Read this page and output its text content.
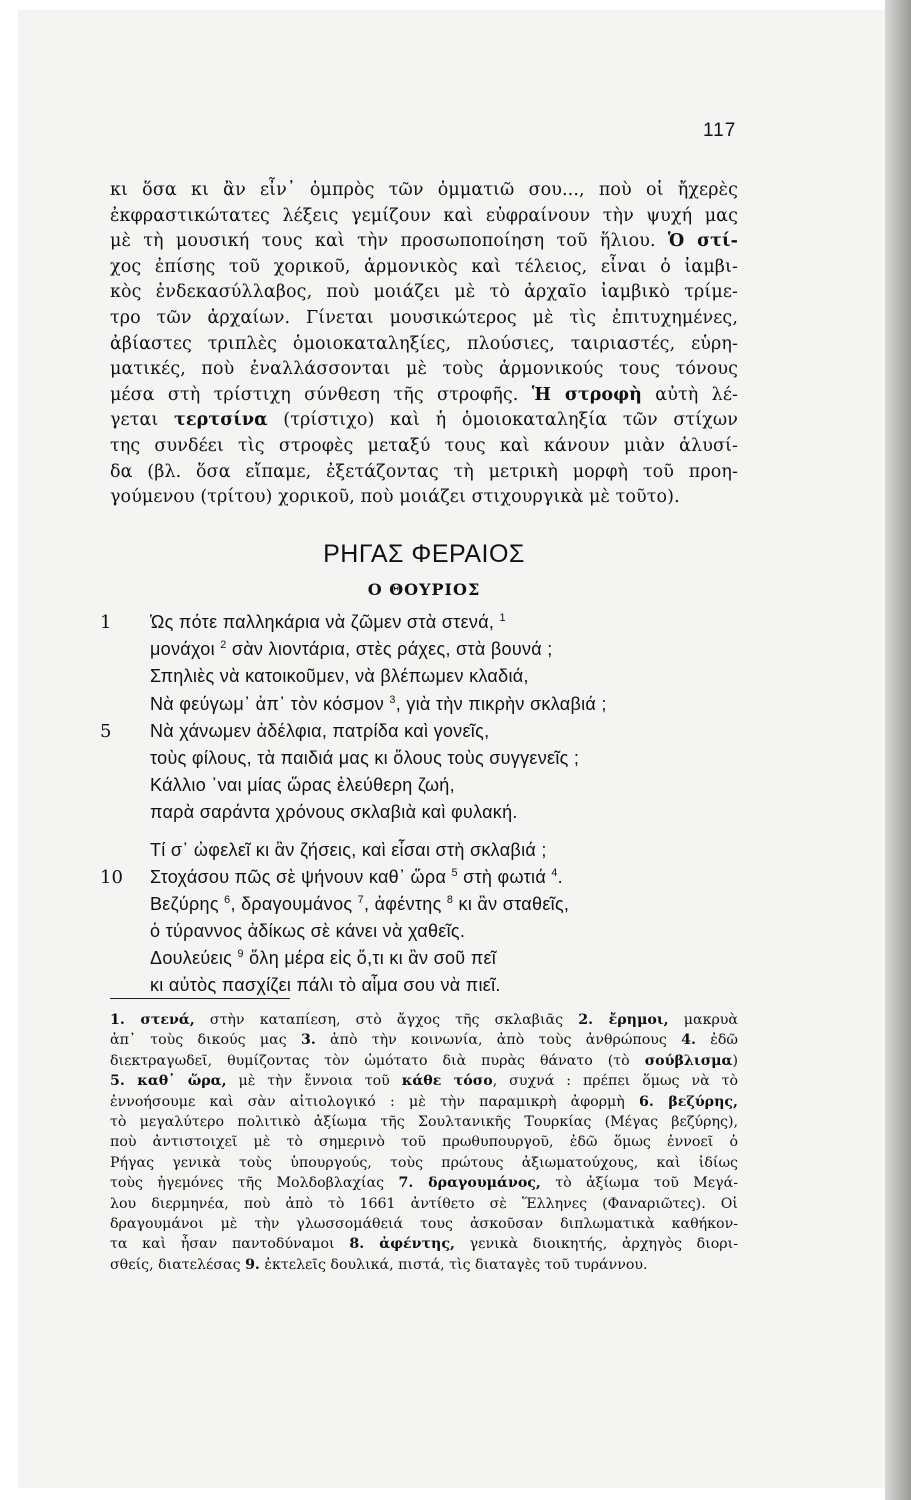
117
κι ὅσα κι ἂν εἶν᾽ ὀμπρὸς τῶν ὀμματιῶ σου..., ποὺ οἱ ἤχερὲς
ἐκφραστικώτατες λέξεις γεμίζουν καὶ εὐφραίνουν τὴν ψυχή μας
μὲ τὴ μουσική τους καὶ τὴν προσωποποίηση τοῦ ἥλιου. Ὁ στί-
χος ἐπίσης τοῦ χορικοῦ, ἁρμονικὸς καὶ τέλειος, εἶναι ὁ ἰαμβι-
κὸς ἐνδεκασύλλαβος, ποὺ μοιάζει μὲ τὸ ἀρχαῖο ἰαμβικὸ τρίμε-
τρο τῶν ἀρχαίων. Γίνεται μουσικώτερος μὲ τὶς ἐπιτυχημένες,
ἀβίαστες τριπλὲς ὁμοιοκαταληξίες, πλούσιες, ταιριαστές, εὑρη-
ματικές, ποὺ ἐναλλάσσονται μὲ τοὺς ἁρμονικούς τους τόνους
μέσα στὴ τρίστιχη σύνθεση τῆς στροφῆς. Ἡ στροφὴ αὐτὴ λέ-
γεται τερτσίνα (τρίστιχο) καὶ ἡ ὁμοιοκαταληξία τῶν στίχων
της συνδέει τὶς στροφὲς μεταξύ τους καὶ κάνουν μιὰν ἁλυσί-
δα (βλ. ὅσα εἴπαμε, ἐξετάζοντας τὴ μετρικὴ μορφὴ τοῦ προη-
γούμενου (τρίτου) χορικοῦ, ποὺ μοιάζει στιχουργικὰ μὲ τοῦτο).
ΡΗΓΑΣ ΦΕΡΑΙΟΣ
Ο ΘΟΥΡΙΟΣ
1	Ὡς πότε παλληκάρια νὰ ζῶμεν στὰ στενά, $^1$
μονάχοι $^2$ σὰν λιοντάρια, στὲς ράχες, στὰ βουνά ;
Σπηλιὲς νὰ κατοικοῦμεν, νὰ βλέπωμεν κλαδιά,
Νὰ φεύγωμ᾽ ἀπ᾽ τὸν κόσμον $^3$, γιὰ τὴν πικρὴν σκλαβιά ;
5	Νὰ χάνωμεν ἀδέλφια, πατρίδα καὶ γονεῖς,
τοὺς φίλους, τὰ παιδιά μας κι ὅλους τοὺς συγγενεῖς ;
Κάλλιο ᾽ναι μίας ὥρας ἐλεύθερη ζωή,
παρὰ σαράντα χρόνους σκλαβιὰ καὶ φυλακή.
Τί σ᾽ ὠφελεῖ κι ἂν ζήσεις, καὶ εἶσαι στὴ σκλαβιά ;
10	Στοχάσου πῶς σὲ ψήνουν καθ᾽ ὥρα $^5$ στὴ φωτιά $^4$.
Βεζύρης $^6$, δραγουμάνος $^7$, ἀφέντης $^8$ κι ἂν σταθεῖς,
ὁ τύραννος ἀδίκως σὲ κάνει νὰ χαθεῖς.
Δουλεύεις $^9$ ὅλη μέρα εἰς ὅ,τι κι ἂν σοῦ πεῖ
κι αὐτὸς πασχίζει πάλι τὸ αἷμα σου νὰ πιεῖ.
1. στενά, στὴν καταπίεση, στὸ ἄγχος τῆς σκλαβιᾶς 2. ἔρημοι, μακρυὰ
ἀπ᾽ τοὺς δικούς μας 3. ἀπὸ τὴν κοινωνία, ἀπὸ τοὺς ἀνθρώπους 4. ἐδῶ
διεκτραγωδεῖ, θυμίζοντας τὸν ὠμότατο διὰ πυρὰς θάνατο (τὸ σούβλισμα)
5. καθ᾽ ὥρα, μὲ τὴν ἔννοια τοῦ κάθε τόσο, συχνά : πρέπει ὅμως νὰ τὸ
ἐννοήσουμε καὶ σὰν αἰτιολογικό : μὲ τὴν παραμικρὴ ἀφορμὴ 6. βεζύρης,
τὸ μεγαλύτερο πολιτικὸ ἀξίωμα τῆς Σουλτανικῆς Τουρκίας (Μέγας βεζύρης),
ποὺ ἀντιστοιχεῖ μὲ τὸ σημερινὸ τοῦ πρωθυπουργοῦ, ἐδῶ ὅμως ἐννοεῖ ὁ
Ρήγας γενικὰ τοὺς ὑπουργούς, τοὺς πρώτους ἀξιωματούχους, καὶ ἰδίως
τοὺς ἡγεμόνες τῆς Μολδοβλαχίας 7. δραγουμάνος, τὸ ἀξίωμα τοῦ Μεγά-
λου διερμηνέα, ποὺ ἀπὸ τὸ 1661 ἀντίθετο σὲ Ἕλληνες (Φαναριῶτες). Οἱ
δραγουμάνοι μὲ τὴν γλωσσομάθειά τους ἀσκοῦσαν διπλωματικὰ καθήκον-
τα καὶ ἦσαν παντοδύναμοι 8. ἀφέντης, γενικὰ διοικητής, ἀρχηγὸς διορι-
σθείς, διατελέσας 9. ἐκτελεῖς δουλικά, πιστά, τὶς διαταγὲς τοῦ τυράννου.
